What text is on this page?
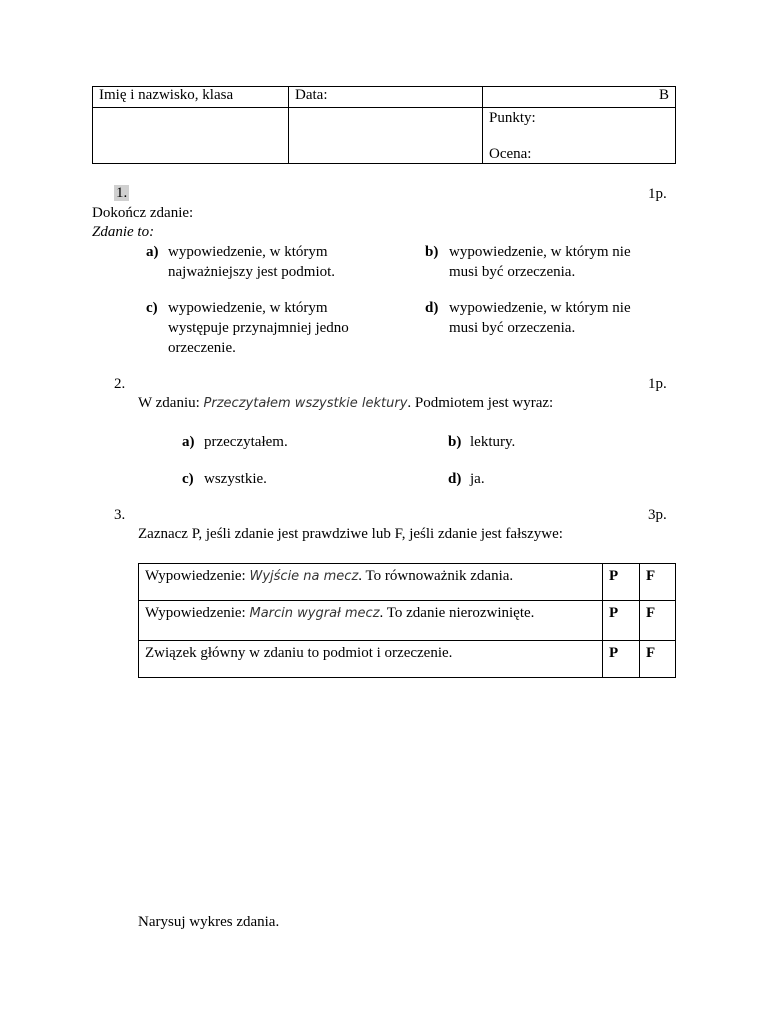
Imię i nazwisko, klasa	Data:	B

		Punkty:
Ocena:
1.	1p.
Dokończ zdanie:
Zdanie to:
a) wypowiedzenie, w którym
najważniejszy jest podmiot.
b) wypowiedzenie, w którym nie
musi być orzeczenia.
c) wypowiedzenie, w którym
występuje przynajmniej jedno
orzeczenie.
d) wypowiedzenie, w którym nie
musi być orzeczenia.
2.	1p.
W zdaniu: Przeczytałem wszystkie lektury. Podmiotem jest wyraz:
a) przeczytałem.	b) lektury.
c) wszystkie.	d) ja.
3.	3p.
Zaznacz P, jeśli zdanie jest prawdziwe lub F, jeśli zdanie jest fałszywe:
Wypowiedzenie: Wyjście na mecz. To równoważnik zdania.	P	F
Wypowiedzenie: Marcin wygrał mecz. To zdanie nierozwinięte.	P	F
Związek główny w zdaniu to podmiot i orzeczenie.	P	F
Narysuj wykres zdania.
